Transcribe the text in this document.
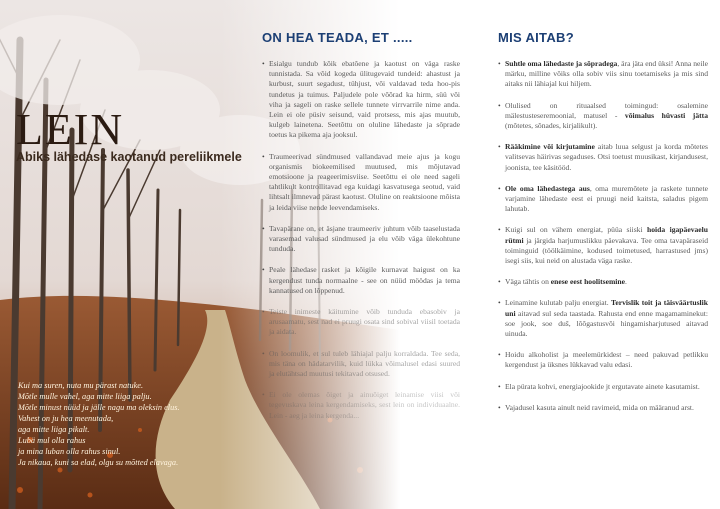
LEIN
Abiks lähedase kaotanud pereliikmele
Kui ma suren, nuta mu pärast natuke.
Mõtle mulle vahel, aga mitte liiga palju.
Mõtle minust nüüd ja jälle nagu ma oleksin elus.
Vahest on ju hea meenutada,
aga mitte liiga pikalt.
Lubä mul olla rahus
ja mina luban olla rahus sinul.
Ja nikaua, kuni sa elad, olgu su mõtted elavaga.
ON HEA TEADA, ET .....
• Esialgu tundub kõik ebatõene ja kaotust on väga raske tunnistada. Sa võid kogeda ülitugevaid tundeid: ahastust ja kurbust, suurt segadust, tühjust, või valdavad teda hoo-pis tundetus ja tuimus. Paljudele pole võõrad ka hirm, süü või viha ja sageli on raske sellele tunnete virrvarrile nime anda. Lein ei ole püsiv seisund, vaid protsess, mis ajas muutub, kulgeb lainetena. Seetõttu on oluline lähedaste ja sõprade toetus ka pikema aja jooksul.
• Traumeerivad sündmused vallandavad meie ajus ja kogu organismis biokeemilised muutused, mis mõjutavad emotsioone ja reageerimisviise. Seetõttu ei ole need sageli tahtlikult kontrollitavad ega kuidagi kasvatusega seotud, vaid lihtsalt ilmnevad pärast kaotust. Oluline on reaktsioone mõista ja leida viise nende leevendamiseks.
• Tavapärane on, et äsjane traumeeriv juhtum võib taaselustada varasemad valusad sündmused ja elu võib väga ülekohtune tunduda.
• Peale lähedase rasket ja kõigile kurnavat haigust on ka kergendust tunda normaalne - see on nüüd möödas ja tema kannatused on lõppenud.
• Teiste inimeste käitumine võib tunduda ebasobiv ja arusaamatu, sest nad ei pruugi osata sind sobival viisil toetada ja aidata.
• On loomulik, et sul tuleb lähiajal palju korraldada. Tee seda, mis täna on hädatarvilik, kuid lükka võimalusel edasi suured ja elutähtsad muutusi tekitavad otsused.
• Ei ole olemas õiget ja ainuõiget leinamise viisi või tegevuskava leina kergendamiseks, sest lein on individuaalne. Lein - aeg ja leina kergenda...
MIS AITAB?
• Suhtle oma lähedaste ja sõpradega, ära jäta end üksi! Anna neile märku, milline võiks olla sobiv viis sinu toetamiseks ja mis sind aitaks nii lähiajal kui hiljem.
• Olulised on rituaalsed toimingud: osalemine mälestusteseremoonial, matusel - võimalus hüvasti jätta (mõtetes, sõnades, kirjalikult).
• Rääkimine või kirjutamine aitab luua selgust ja korda mõtetes valitsevas häirivas segaduses. Otsi toetust muusikast, kirjandusest, joonista, tee käsitööd.
• Ole oma lähedastega aus, oma muremõtete ja raskete tunnete varjamine lähedaste eest ei pruugi neid kaitsta, saladus pigem lahutab.
• Kuigi sul on vähem energiat, püüa siiski hoida igapäevaelu rütmi ja järgida harjumuslikku päevakava. Tee oma tavapäraseid toiminguid (töölkäimine, kodused toimetused, harrastused jms) isegi siis, kui neid on alustada väga raske.
• Väga tähtis on enese eest hoolitsemine.
• Leinamine kulutab palju energiat. Tervislik toit ja täisväärtuslik uni aitavad sul seda taastada. Rahusta end enne magamaminekut: soe jook, soe duš, lõõgastusvõi hingamisharjutused aitavad uinuda.
• Hoidu alkoholist ja meelemürkidest – need pakuvad petlikku kergendust ja üksnes lükkavad valu edasi.
• Ela pürata kohvi, energiajookide jt ergutavate ainete kasutamist.
• Vajadusel kasuta ainult neid ravimeid, mida on määranud arst.
